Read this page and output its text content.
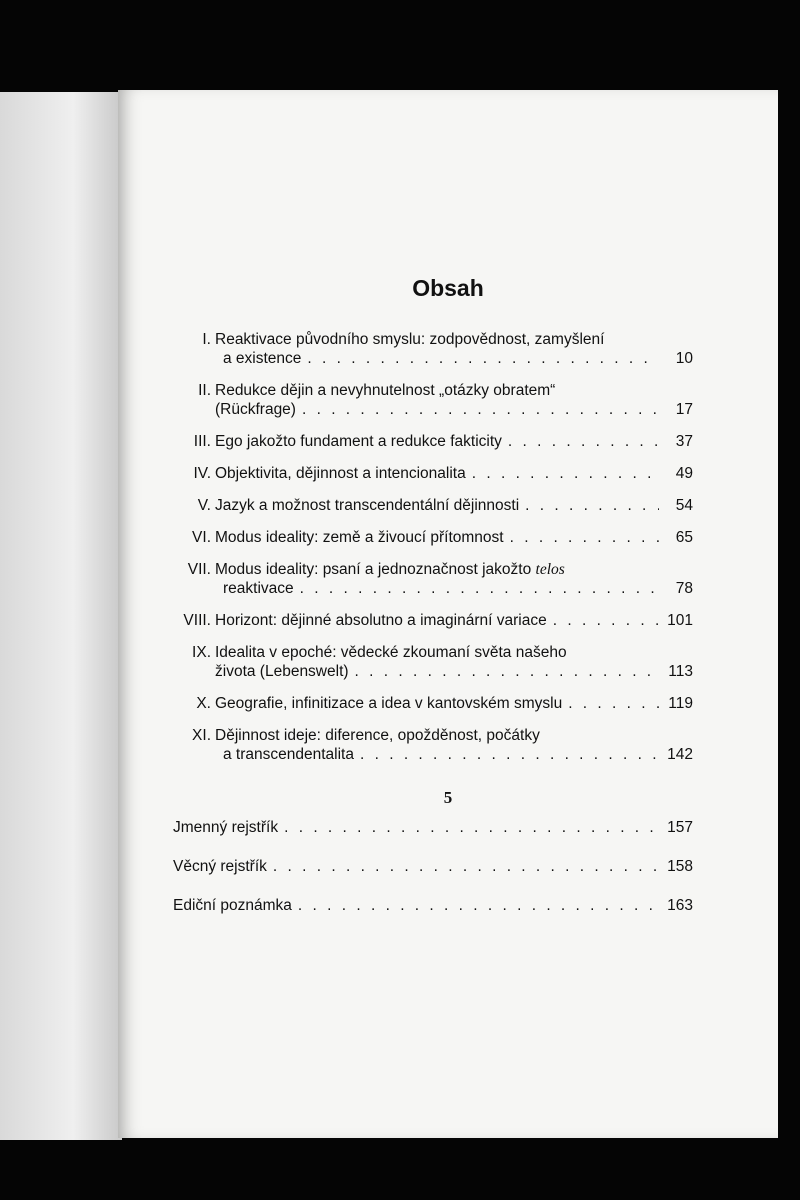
Obsah
I. Reaktivace původního smyslu: zodpovědnost, zamyšlení
a existence . . .	10
II. Redukce dějin a nevyhnutelnost „otázky obratem“
(Rückfrage) . . .	17
III. Ego jakožto fundament a redukce fakticity . . .	37
IV. Objektivita, dějinnost a intencionalita . . .	49
V. Jazyk a možnost transcendentální dějinnosti . . .	54
VI. Modus ideality: země a živoucí přítomnost . . .	65
VII. Modus ideality: psaní a jednoznačnost jakožto telos
reaktivace . . .	78
VIII. Horizont: dějinné absolutno a imaginární variace . . .	101
IX. Idealita v epoché: vědecké zkoumaní světa našeho
života (Lebenswelt) . . .	113
X. Geografie, infinitizace a idea v kantovském smyslu . . .	119
XI. Dějinnost ideje: diference, opožděnost, počátky
a transcendentalita . . .	142
Jmenný rejstřík . . .	157
Věcný rejstřík . . .	158
Ediční poznámka . . .	163
5
